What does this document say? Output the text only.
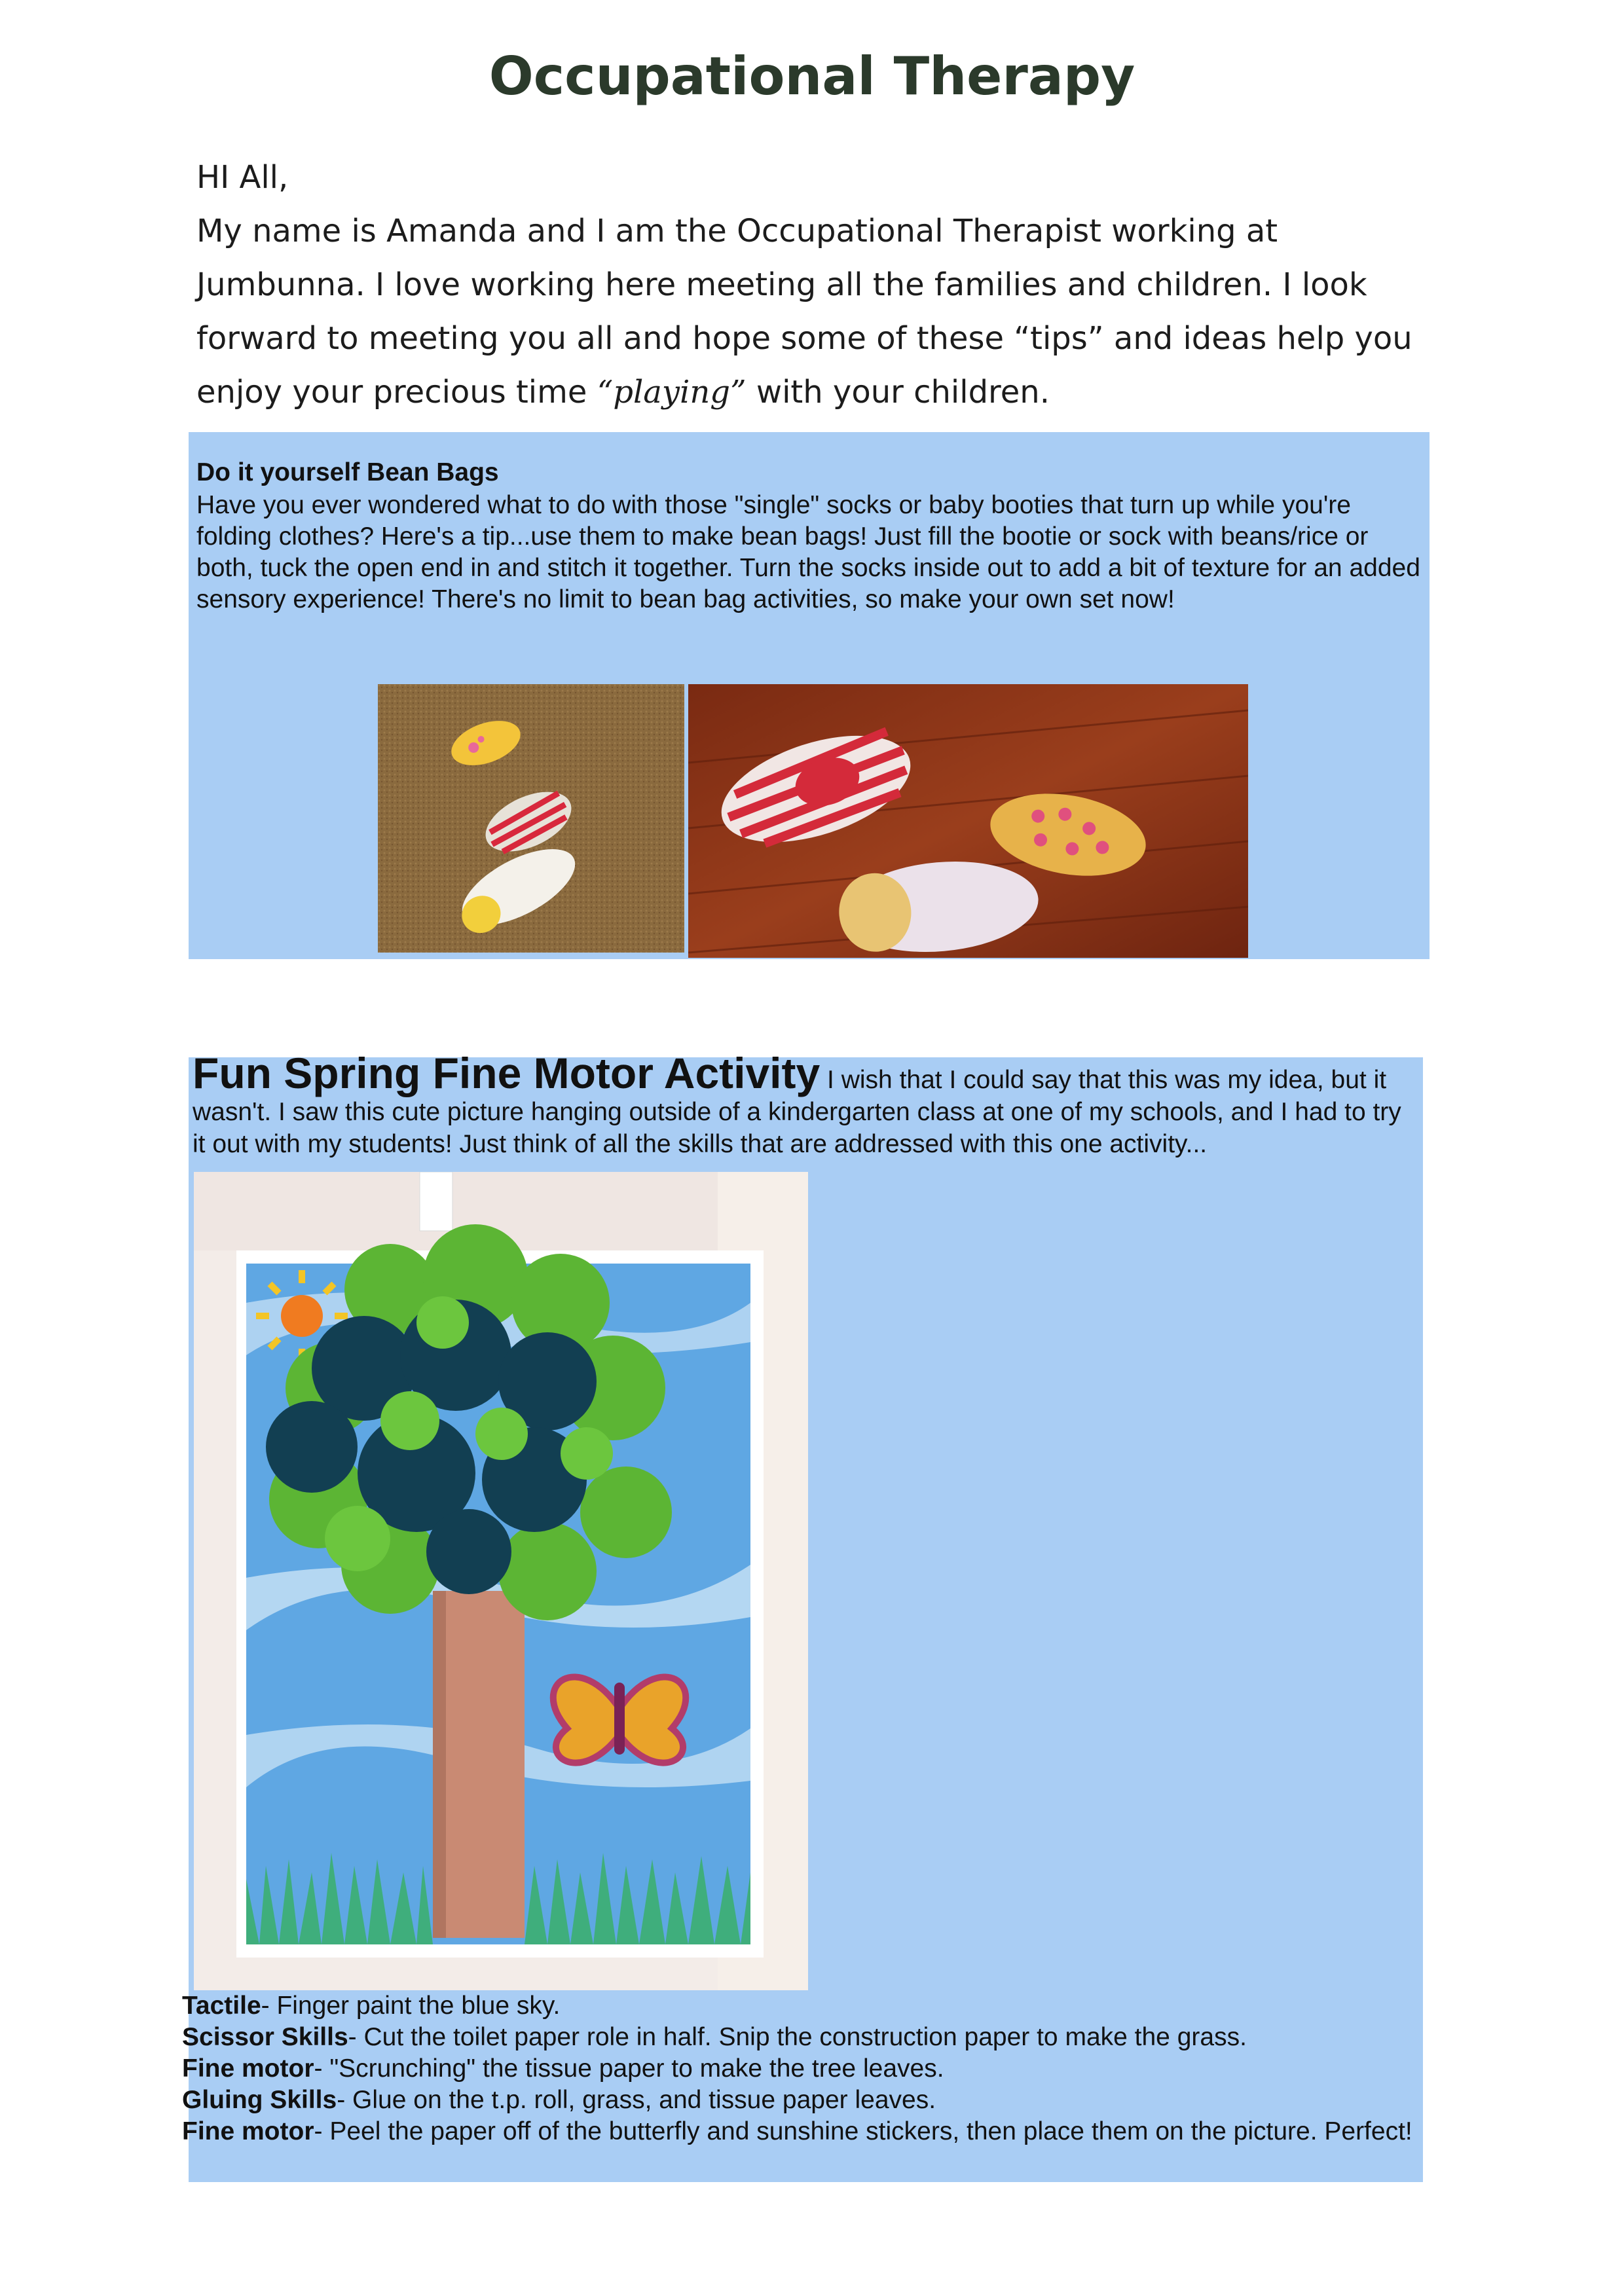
Occupational Therapy

HI All,

My name is Amanda and I am the Occupational Therapist working at

Jumbunna. I love working here meeting all the families and children. I look

forward to meeting you all and hope some of these “tips” and ideas help you

enjoy your precious time “playing” with your children.

Do it yourself Bean Bags
Have you ever wondered what to do with those "single" socks or baby booties that turn up while you're folding clothes? Here's a tip...use them to make bean bags! Just fill the bootie or sock with beans/rice or both, tuck the open end in and stitch it together. Turn the socks inside out to add a bit of texture for an added sensory experience! There's no limit to bean bag activities, so make your own set now!
Fun Spring Fine Motor Activity I wish that I could say that this was my idea, but it wasn't. I saw this cute picture hanging outside of a kindergarten class at one of my schools, and I had to try it out with my students! Just think of all the skills that are addressed with this one activity...

Tactile- Finger paint the blue sky.

Scissor Skills- Cut the toilet paper role in half. Snip the construction paper to make the grass.

Fine motor- "Scrunching" the tissue paper to make the tree leaves.

Gluing Skills- Glue on the t.p. roll, grass, and tissue paper leaves.

Fine motor- Peel the paper off of the butterfly and sunshine stickers, then place them on the picture. Perfect!
